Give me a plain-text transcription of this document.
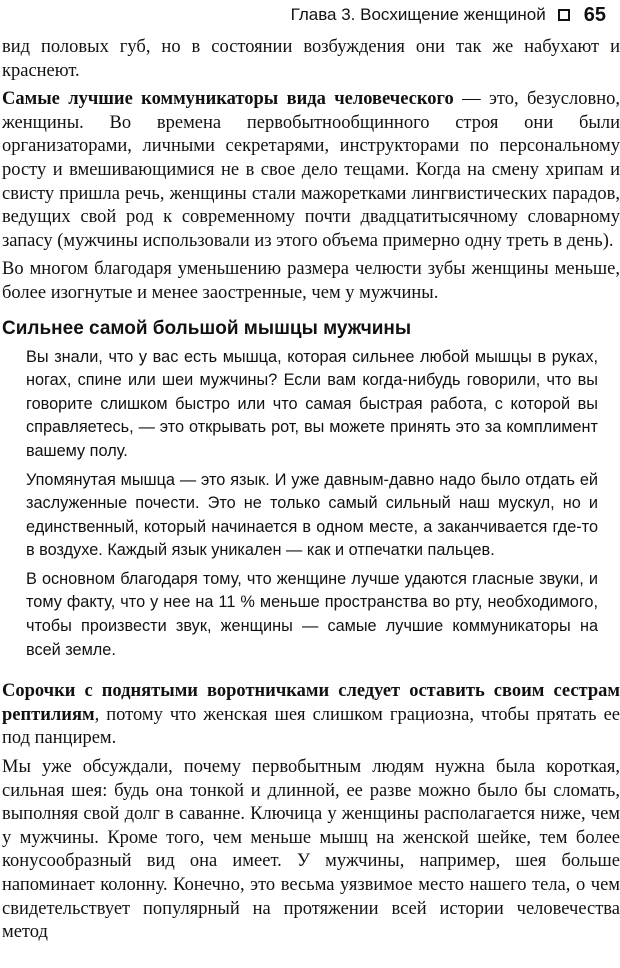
Глава 3. Восхищение женщиной 65

вид половых губ, но в состоянии возбуждения они так же набухают и краснеют.

Самые лучшие коммуникаторы вида человеческого — это, безусловно, женщины. Во времена первобытнообщинного строя они были организаторами, личными секретарями, инструкторами по персональному росту и вмешивающимися не в свое дело тещами. Когда на смену хрипам и свисту пришла речь, женщины стали мажоретками лингвистических парадов, ведущих свой род к современному почти двадцатитысячному словарному запасу (мужчины использовали из этого объема примерно одну треть в день).

Во многом благодаря уменьшению размера челюсти зубы женщины меньше, более изогнутые и менее заостренные, чем у мужчины.

Сильнее самой большой мышцы мужчины

Вы знали, что у вас есть мышца, которая сильнее любой мышцы в руках, ногах, спине или шеи мужчины? Если вам когда-нибудь говорили, что вы говорите слишком быстро или что самая быстрая работа, с которой вы справляетесь, — это открывать рот, вы можете принять это за комплимент вашему полу.

Упомянутая мышца — это язык. И уже давным-давно надо было отдать ей заслуженные почести. Это не только самый сильный наш мускул, но и единственный, который начинается в одном месте, а заканчивается где-то в воздухе. Каждый язык уникален — как и отпечатки пальцев.

В основном благодаря тому, что женщине лучше удаются гласные звуки, и тому факту, что у нее на 11 % меньше пространства во рту, необходимого, чтобы произвести звук, женщины — самые лучшие коммуникаторы на всей земле.

Сорочки с поднятыми воротничками следует оставить своим сестрам рептилиям, потому что женская шея слишком грациозна, чтобы прятать ее под панцирем.

Мы уже обсуждали, почему первобытным людям нужна была короткая, сильная шея: будь она тонкой и длинной, ее разве можно было бы сломать, выполняя свой долг в саванне. Ключица у женщины располагается ниже, чем у мужчины. Кроме того, чем меньше мышц на женской шейке, тем более конусообразный вид она имеет. У мужчины, например, шея больше напоминает колонну. Конечно, это весьма уязвимое место нашего тела, о чем свидетельствует популярный на протяжении всей истории человечества метод
